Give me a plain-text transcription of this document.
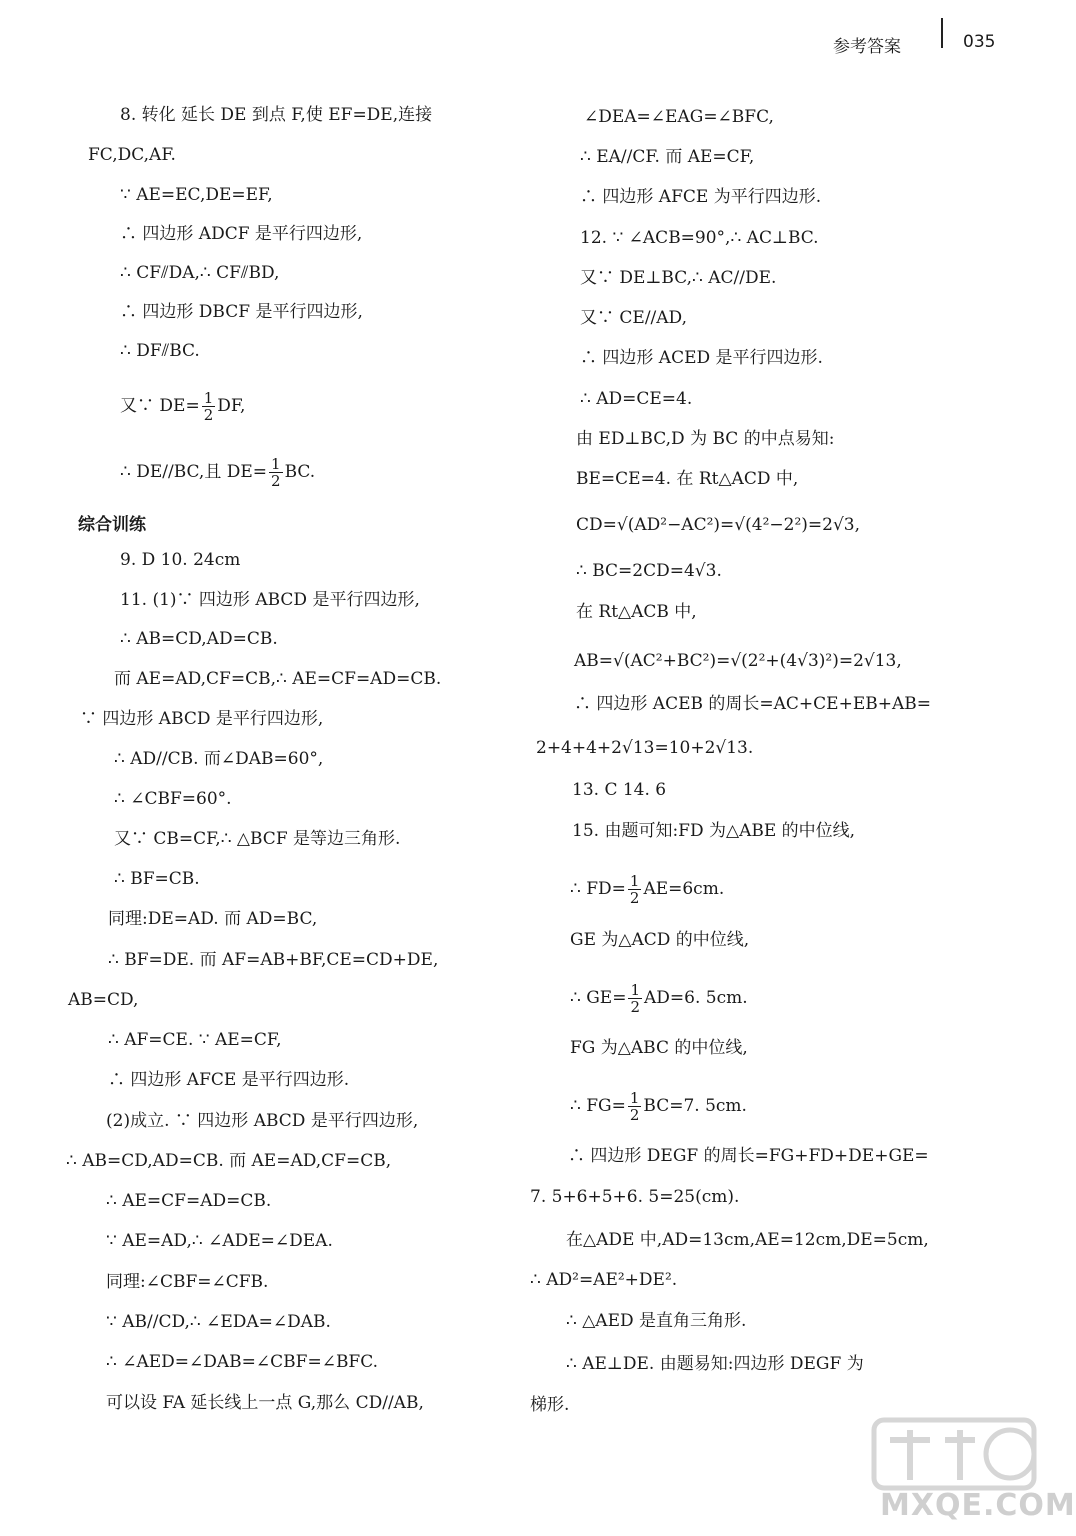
参考答案	035
8. 转化 延长 DE 到点 F,使 EF=DE,连接
FC,DC,AF.
∵ AE=EC,DE=EF,
∴ 四边形 ADCF 是平行四边形,
∴ CF⫽DA,∴ CF⫽BD,
∴ 四边形 DBCF 是平行四边形,
∴ DF⫽BC.
又∵ $DE= \frac{1}{2}$ DF,
∴ DE//BC,且 $DE= \frac{1}{2}$ BC.
综合训练
9. D 10. 24cm
11. (1)∵ 四边形 ABCD 是平行四边形,
∴ AB=CD,AD=CB.
而 AE=AD,CF=CB,∴ AE=CF=AD=CB.
∵ 四边形 ABCD 是平行四边形,
∴ AD//CB. 而∠DAB=60°,
∴ ∠CBF=60°.
又∵ CB=CF,∴ △BCF 是等边三角形.
∴ BF=CB.
同理:DE=AD. 而 AD=BC,
∴ BF=DE. 而 AF=AB+BF,CE=CD+DE,
AB=CD,
∴ AF=CE. ∵ AE=CF,
∴ 四边形 AFCE 是平行四边形.
(2)成立. ∵ 四边形 ABCD 是平行四边形,
∴ AB=CD,AD=CB. 而 AE=AD,CF=CB,
∴ AE=CF=AD=CB.
∵ AE=AD,∴ ∠ADE=∠DEA.
同理:∠CBF=∠CFB.
∵ AB//CD,∴ ∠EDA=∠DAB.
∴ ∠AED=∠DAB=∠CBF=∠BFC.
可以设 FA 延长线上一点 G,那么 CD//AB,
∠DEA=∠EAG=∠BFC,
∴ EA//CF. 而 AE=CF,
∴ 四边形 AFCE 为平行四边形.
12. ∵ ∠ACB=90°,∴ AC⊥BC.
又∵ DE⊥BC,∴ AC//DE.
又∵ CE//AD,
∴ 四边形 ACED 是平行四边形.
∴ AD=CE=4.
由 ED⊥BC,D 为 BC 的中点易知:
BE=CE=4. 在 Rt△ACD 中,
CD=√(AD²−AC²)=√(4²−2²)=2√3,
∴ BC=2CD=4√3.
在 Rt△ACB 中,
AB=√(AC²+BC²)=√(2²+(4√3)²)=2√13,
∴ 四边形 ACEB 的周长=AC+CE+EB+AB=
2+4+4+2√13=10+2√13.
13. C 14. 6
15. 由题可知:FD 为△ABE 的中位线,
∴ $FD= \frac{1}{2} AE=6cm$.
GE 为△ACD 的中位线,
∴ $GE= \frac{1}{2} AD=6$. 5cm.
FG 为△ABC 的中位线,
∴ $FG= \frac{1}{2} BC=7$. 5cm.
∴ 四边形 DEGF 的周长=FG+FD+DE+GE=
7. 5+6+5+6. 5=25(cm).
在△ADE 中,AD=13cm,AE=12cm,DE=5cm,
∴ AD²=AE²+DE².
∴ △AED 是直角三角形.
∴ AE⊥DE. 由题易知:四边形 DEGF 为
梯形.
MXQE.COM
